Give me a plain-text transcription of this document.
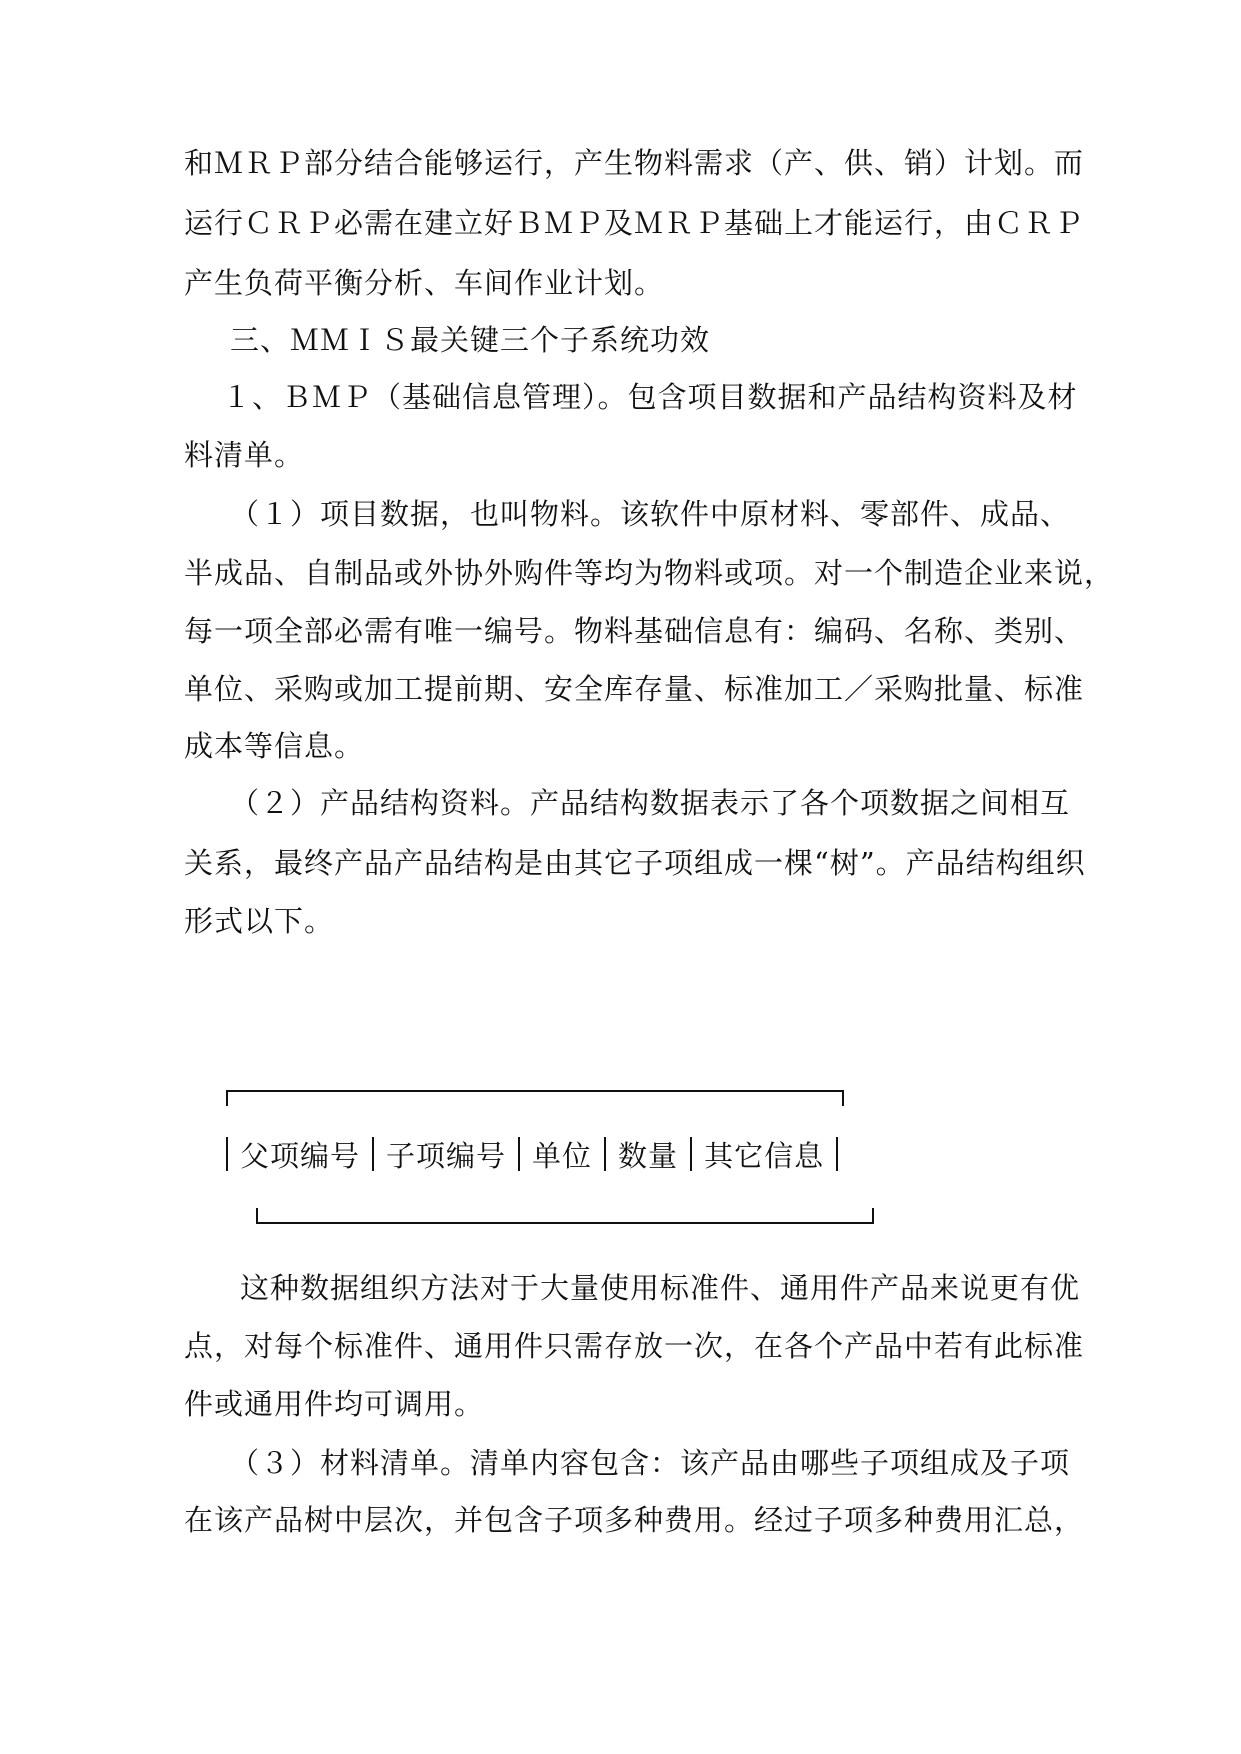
和ＭＲＰ部分结合能够运行，产生物料需求（产、供、销）计划。而
运行ＣＲＰ必需在建立好ＢＭＰ及ＭＲＰ基础上才能运行，由ＣＲＰ
产生负荷平衡分析、车间作业计划。
三、ＭＭＩＳ最关键三个子系统功效
１、ＢＭＰ（基础信息管理）。包含项目数据和产品结构资料及材
料清单。
（１）项目数据，也叫物料。该软件中原材料、零部件、成品、
半成品、自制品或外协外购件等均为物料或项。对一个制造企业来说，
每一项全部必需有唯一编号。物料基础信息有：编码、名称、类别、
单位、采购或加工提前期、安全库存量、标准加工／采购批量、标准
成本等信息。
（２）产品结构资料。产品结构数据表示了各个项数据之间相互
关系，最终产品产品结构是由其它子项组成一棵“树”。产品结构组织
形式以下。
父项编号 子项编号 单位 数量 其它信息
这种数据组织方法对于大量使用标准件、通用件产品来说更有优
点，对每个标准件、通用件只需存放一次，在各个产品中若有此标准
件或通用件均可调用。
（３）材料清单。清单内容包含：该产品由哪些子项组成及子项
在该产品树中层次，并包含子项多种费用。经过子项多种费用汇总，
